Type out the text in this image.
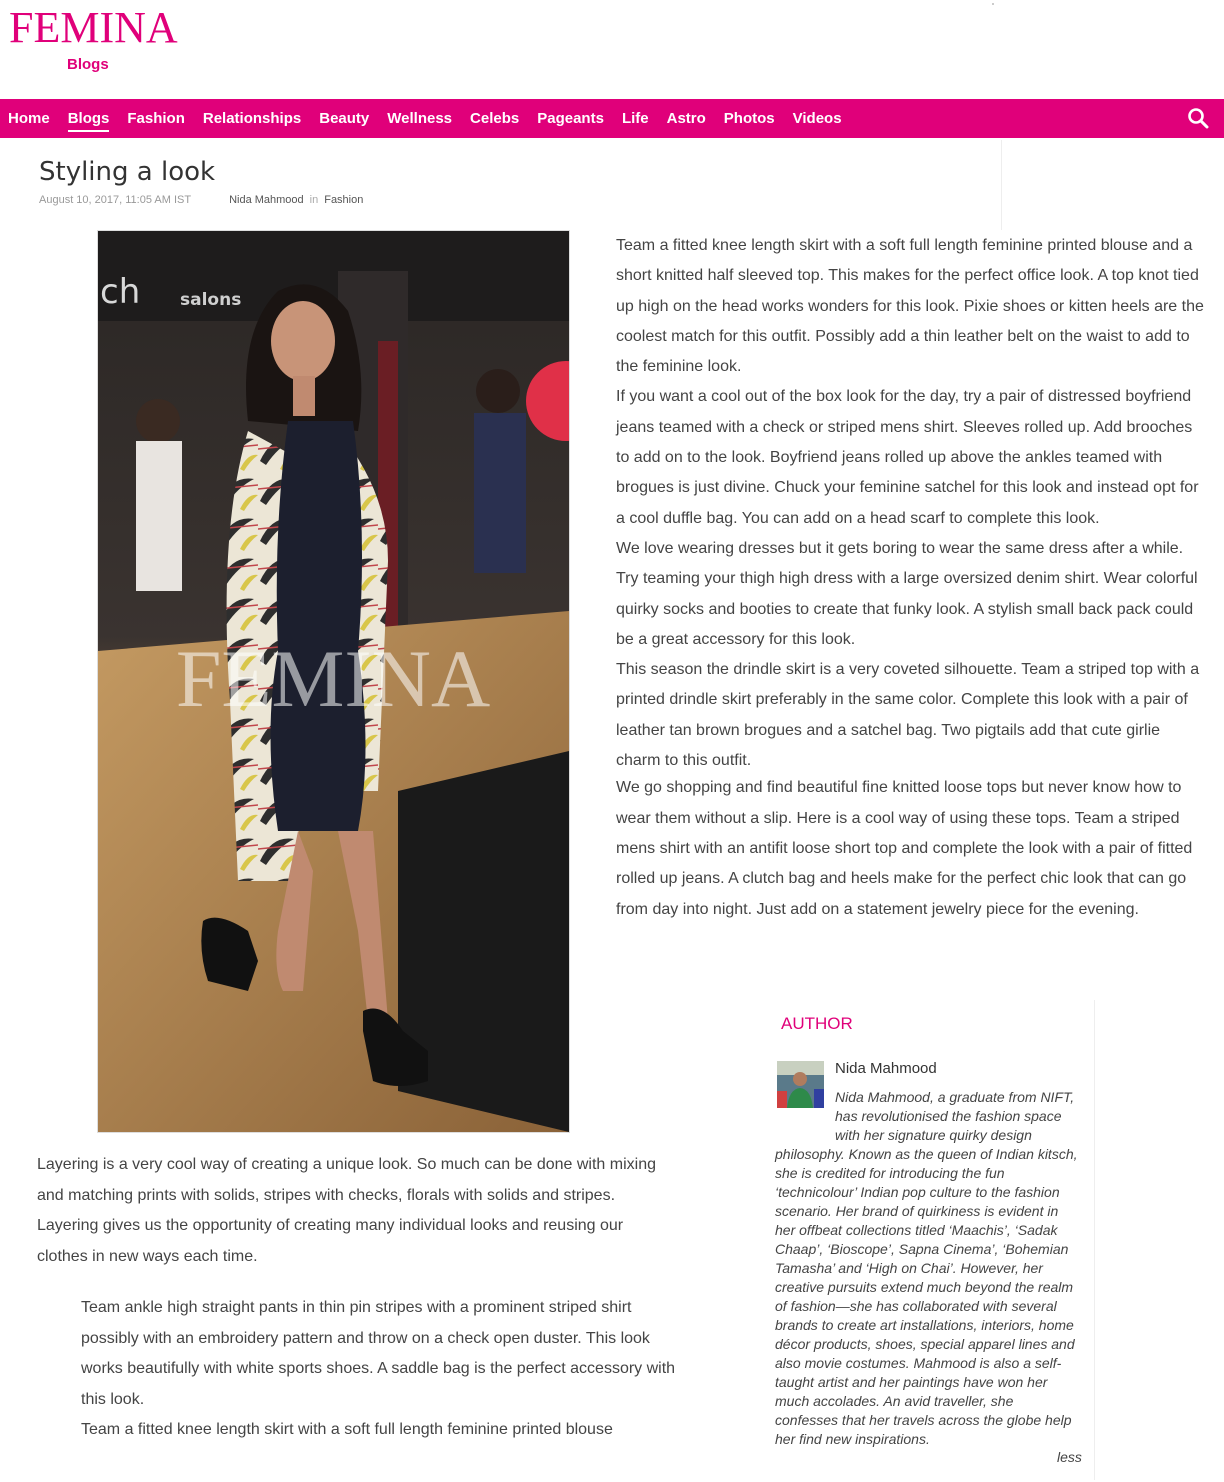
FEMINA
Blogs
Home Blogs Fashion Relationships Beauty Wellness Celebs Pageants Life Astro Photos Videos
Styling a look
August 10, 2017, 11:05 AM IST	Nida Mahmood in Fashion
ch salons
FEMINA

Team a fitted knee length skirt with a soft full length feminine printed blouse and a short knitted half sleeved top. This makes for the perfect office look. A top knot tied up high on the head works wonders for this look. Pixie shoes or kitten heels are the coolest match for this outfit. Possibly add a thin leather belt on the waist to add to the feminine look.

If you want a cool out of the box look for the day, try a pair of distressed boyfriend jeans teamed with a check or striped mens shirt. Sleeves rolled up. Add brooches to add on to the look. Boyfriend jeans rolled up above the ankles teamed with brogues is just divine. Chuck your feminine satchel for this look and instead opt for a cool duffle bag. You can add on a head scarf to complete this look.

We love wearing dresses but it gets boring to wear the same dress after a while. Try teaming your thigh high dress with a large oversized denim shirt. Wear colorful quirky socks and booties to create that funky look. A stylish small back pack could be a great accessory for this look.

This season the drindle skirt is a very coveted silhouette. Team a striped top with a printed drindle skirt preferably in the same color. Complete this look with a pair of leather tan brown brogues and a satchel bag. Two pigtails add that cute girlie charm to this outfit.

We go shopping and find beautiful fine knitted loose tops but never know how to wear them without a slip. Here is a cool way of using these tops. Team a striped mens shirt with an antifit loose short top and complete the look with a pair of fitted rolled up jeans. A clutch bag and heels make for the perfect chic look that can go from day into night. Just add on a statement jewelry piece for the evening.

Layering is a very cool way of creating a unique look. So much can be done with mixing and matching prints with solids, stripes with checks, florals with solids and stripes. Layering gives us the opportunity of creating many individual looks and reusing our clothes in new ways each time.

Team ankle high straight pants in thin pin stripes with a prominent striped shirt possibly with an embroidery pattern and throw on a check open duster. This look works beautifully with white sports shoes. A saddle bag is the perfect accessory with this look.

Team a fitted knee length skirt with a soft full length feminine printed blouse

AUTHOR
Nida Mahmood
Nida Mahmood, a graduate from NIFT, has revolutionised the fashion space with her signature quirky design philosophy. Known as the queen of Indian kitsch, she is credited for introducing the fun ‘technicolour’ Indian pop culture to the fashion scenario. Her brand of quirkiness is evident in her offbeat collections titled ‘Maachis’, ‘Sadak Chaap’, ‘Bioscope’, Sapna Cinema’, ‘Bohemian Tamasha’ and ‘High on Chai’. However, her creative pursuits extend much beyond the realm of fashion—she has collaborated with several brands to create art installations, interiors, home décor products, shoes, special apparel lines and also movie costumes. Mahmood is also a self-taught artist and her paintings have won her much accolades. An avid traveller, she confesses that her travels across the globe help her find new inspirations.
less
